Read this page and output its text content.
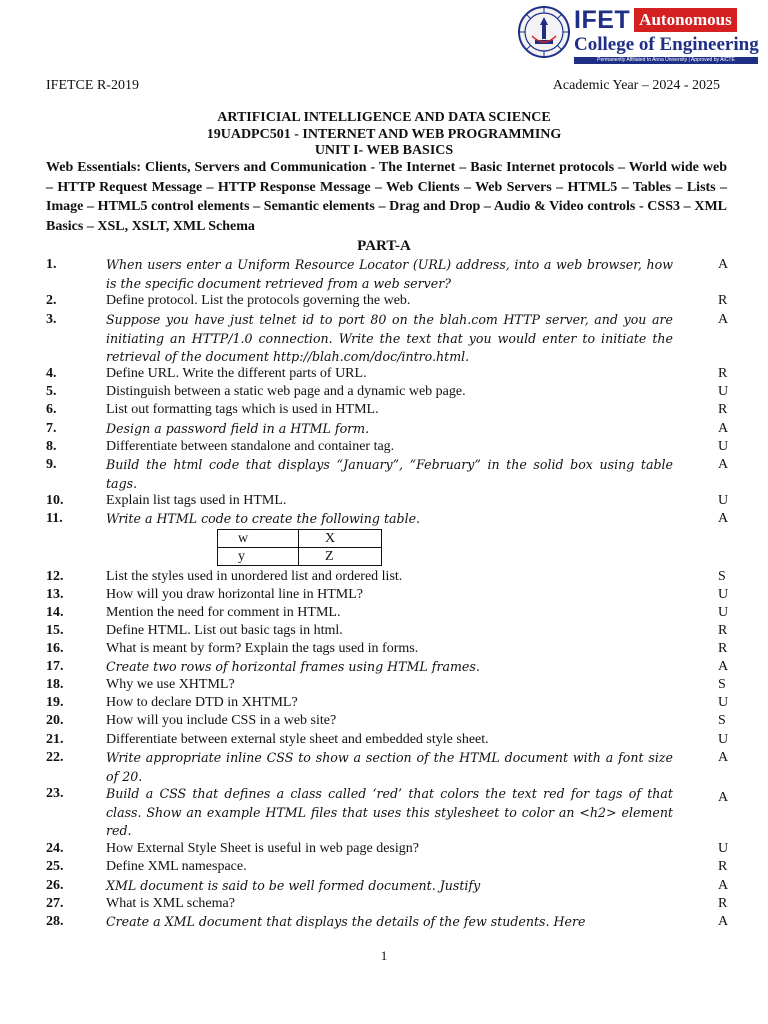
IFET Autonomous
College of Engineering
Permanently Affiliated to Anna University | Approved by AICTE
IFETCE R-2019	Academic Year – 2024 - 2025
ARTIFICIAL INTELLIGENCE AND DATA SCIENCE
19UADPC501 - INTERNET AND WEB PROGRAMMING
UNIT I- WEB BASICS
Web Essentials: Clients, Servers and Communication - The Internet – Basic Internet protocols – World wide web – HTTP Request Message – HTTP Response Message – Web Clients – Web Servers – HTML5 – Tables – Lists – Image – HTML5 control elements – Semantic elements – Drag and Drop – Audio & Video controls - CSS3 – XML Basics – XSL, XSLT, XML Schema
PART-A
1.	When users enter a Uniform Resource Locator (URL) address, into a web browser, how is the specific document retrieved from a web server?
A
2.	Define protocol. List the protocols governing the web.	R
3.	Suppose you have just telnet id to port 80 on the blah.com HTTP server, and you are initiating an HTTP/1.0 connection. Write the text that you would enter to initiate the retrieval of the document http://blah.com/doc/intro.html.
A
4.	Define URL. Write the different parts of URL.	R
5.	Distinguish between a static web page and a dynamic web page.	U
6.	List out formatting tags which is used in HTML.	R
7.	Design a password field in a HTML form.	A
8.	Differentiate between standalone and container tag.	U
9.	Build the html code that displays “January”, “February” in the solid box using table tags.
A
10.	Explain list tags used in HTML.	U
11.	Write a HTML code to create the following table.	A
12.	List the styles used in unordered list and ordered list.	S
13.	How will you draw horizontal line in HTML?	U
14.	Mention the need for comment in HTML.	U
15.	Define HTML. List out basic tags in html.	R
16.	What is meant by form? Explain the tags used in forms.	R
17.	Create two rows of horizontal frames using HTML frames.	A
18.	Why we use XHTML?	S
19.	How to declare DTD in XHTML?	U
20.	How will you include CSS in a web site?	S
21.	Differentiate between external style sheet and embedded style sheet.	U
22.	Write appropriate inline CSS to show a section of the HTML document with a font size of 20.
A
23.	Build a CSS that defines a class called ‘red’ that colors the text red for tags of that class. Show an example HTML files that uses this stylesheet to color an <h2> element red.
A
24.	How External Style Sheet is useful in web page design?	U
25.	Define XML namespace.	R
26.	XML document is said to be well formed document. Justify	A
27.	What is XML schema?	R
28.	Create a XML document that displays the details of the few students. Here	A
w	X
y	Z
1
